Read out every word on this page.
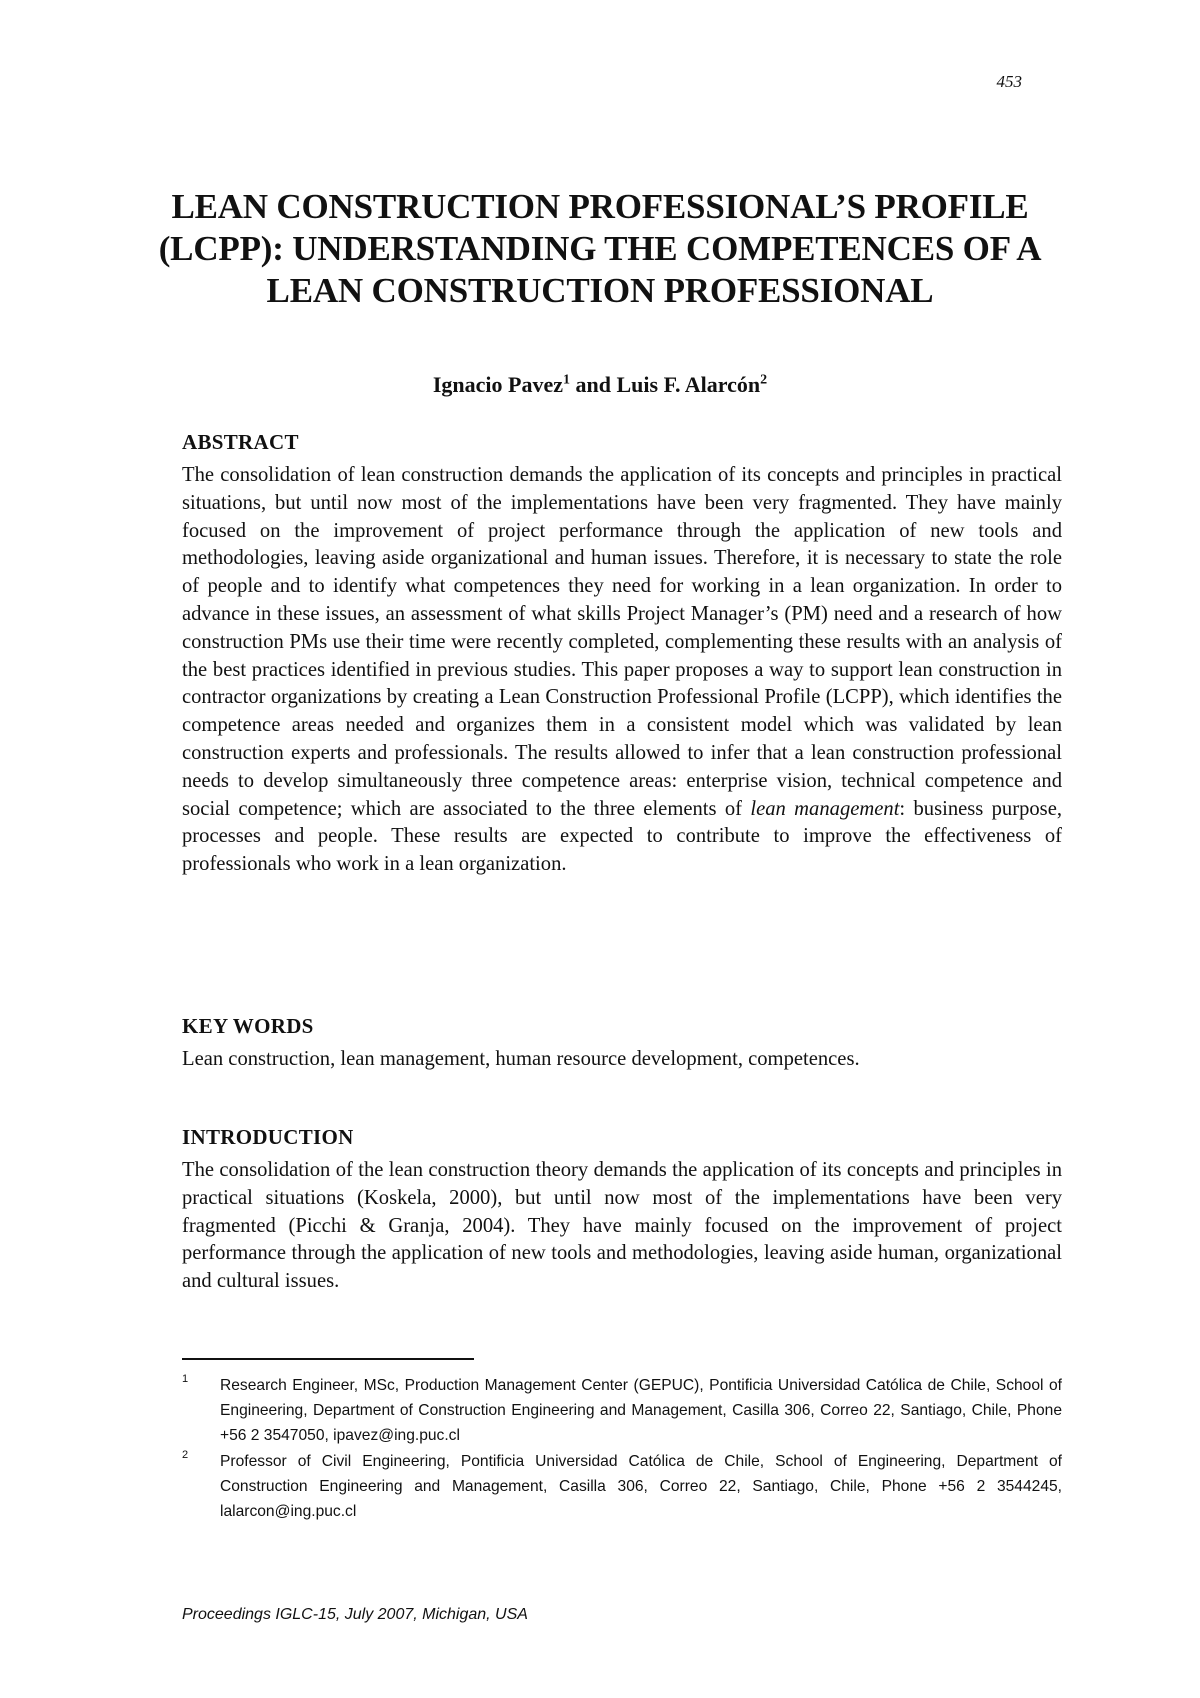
453
LEAN CONSTRUCTION PROFESSIONAL’S PROFILE (LCPP): UNDERSTANDING THE COMPETENCES OF A LEAN CONSTRUCTION PROFESSIONAL
Ignacio Pavez$^1$ and Luis F. Alarcón$^2$
ABSTRACT
The consolidation of lean construction demands the application of its concepts and principles in practical situations, but until now most of the implementations have been very fragmented. They have mainly focused on the improvement of project performance through the application of new tools and methodologies, leaving aside organizational and human issues. Therefore, it is necessary to state the role of people and to identify what competences they need for working in a lean organization. In order to advance in these issues, an assessment of what skills Project Manager’s (PM) need and a research of how construction PMs use their time were recently completed, complementing these results with an analysis of the best practices identified in previous studies. This paper proposes a way to support lean construction in contractor organizations by creating a Lean Construction Professional Profile (LCPP), which identifies the competence areas needed and organizes them in a consistent model which was validated by lean construction experts and professionals. The results allowed to infer that a lean construction professional needs to develop simultaneously three competence areas: enterprise vision, technical competence and social competence; which are associated to the three elements of lean management: business purpose, processes and people. These results are expected to contribute to improve the effectiveness of professionals who work in a lean organization.
KEY WORDS
Lean construction, lean management, human resource development, competences.
INTRODUCTION
The consolidation of the lean construction theory demands the application of its concepts and principles in practical situations (Koskela, 2000), but until now most of the implementations have been very fragmented (Picchi & Granja, 2004). They have mainly focused on the improvement of project performance through the application of new tools and methodologies, leaving aside human, organizational and cultural issues.
1 Research Engineer, MSc, Production Management Center (GEPUC), Pontificia Universidad Católica de Chile, School of Engineering, Department of Construction Engineering and Management, Casilla 306, Correo 22, Santiago, Chile, Phone +56 2 3547050, ipavez@ing.puc.cl
2 Professor of Civil Engineering, Pontificia Universidad Católica de Chile, School of Engineering, Department of Construction Engineering and Management, Casilla 306, Correo 22, Santiago, Chile, Phone +56 2 3544245, lalarcon@ing.puc.cl
Proceedings IGLC-15, July 2007, Michigan, USA
